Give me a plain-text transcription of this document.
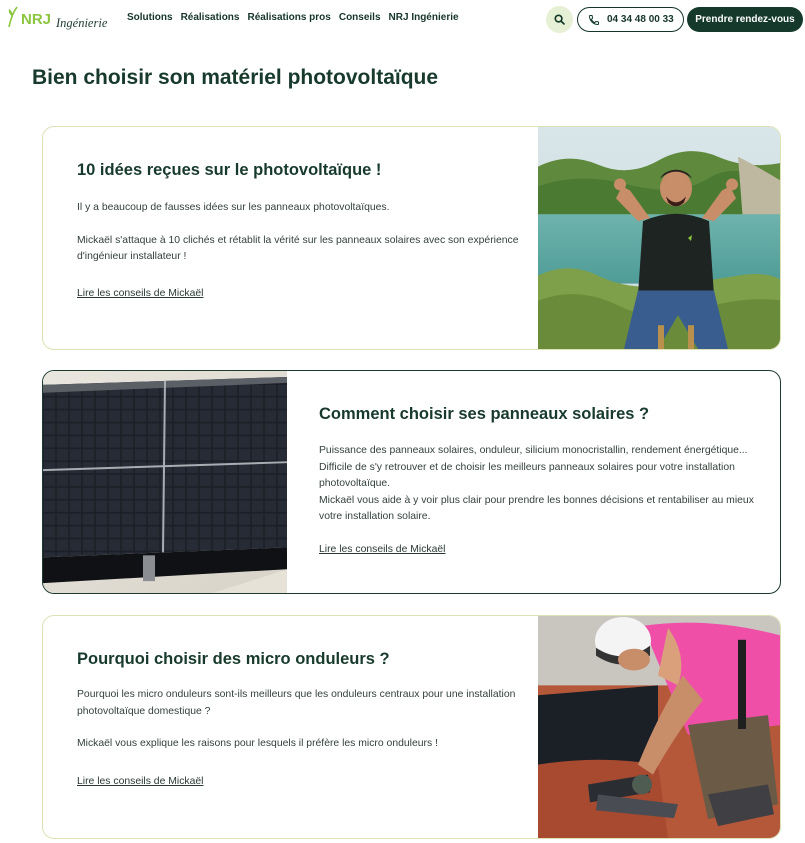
NRJ Ingénierie Solutions Réalisations Réalisations pros Conseils NRJ Ingénierie	04 34 48 00 33	Prendre rendez-vous
Bien choisir son matériel photovoltaïque
10 idées reçues sur le photovoltaïque !

Il y a beaucoup de fausses idées sur les panneaux photovoltaïques.

Mickaël s'attaque à 10 clichés et rétablit la vérité sur les panneaux solaires avec son expérience d'ingénieur installateur !

Lire les conseils de Mickaël
Comment choisir ses panneaux solaires ?

Puissance des panneaux solaires, onduleur, silicium monocristallin, rendement énergétique... Difficile de s'y retrouver et de choisir les meilleurs panneaux solaires pour votre installation photovoltaïque.

Mickaël vous aide à y voir plus clair pour prendre les bonnes décisions et rentabiliser au mieux votre installation solaire.

Lire les conseils de Mickaël
Pourquoi choisir des micro onduleurs ?

Pourquoi les micro onduleurs sont-ils meilleurs que les onduleurs centraux pour une installation photovoltaïque domestique ?

Mickaël vous explique les raisons pour lesquels il préfère les micro onduleurs !

Lire les conseils de Mickaël
